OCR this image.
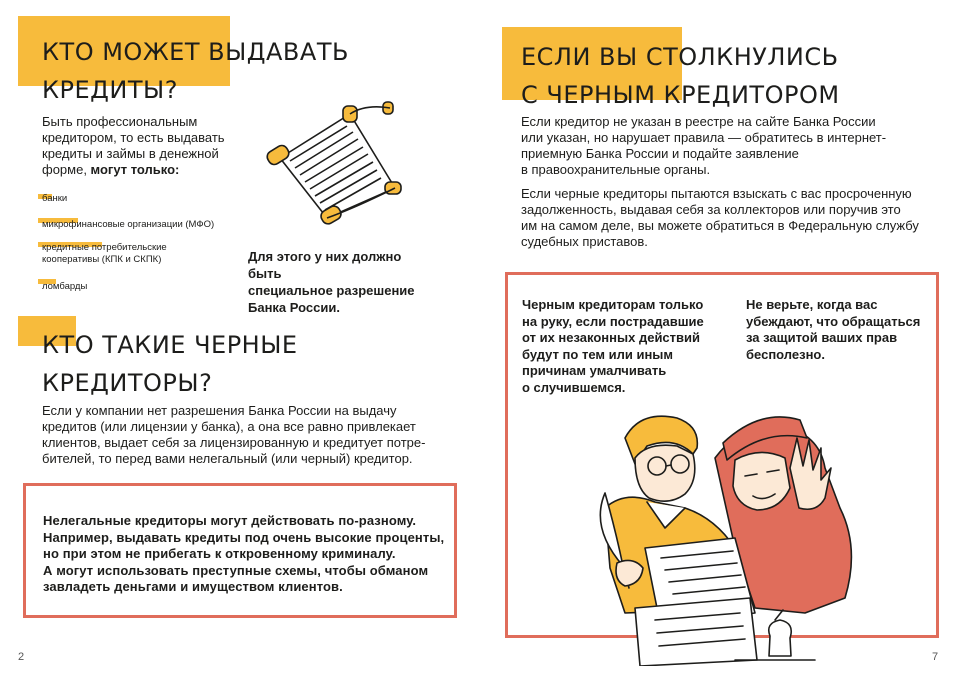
КТО МОЖЕТ ВЫДАВАТЬ
КРЕДИТЫ?

Быть профессиональным
кредитором, то есть выдавать
кредиты и займы в денежной
форме, могут только:

банки
микрофинансовые организации (МФО)
кредитные потребительские
кооперативы (КПК и СКПК)
ломбарды

Для этого у них должно быть
специальное разрешение
Банка России.

КТО ТАКИЕ ЧЕРНЫЕ
КРЕДИТОРЫ?

Если у компании нет разрешения Банка России на выдачу
кредитов (или лицензии у банка), а она все равно привлекает
клиентов, выдает себя за лицензированную и кредитует потре-
бителей, то перед вами нелегальный (или черный) кредитор.

Нелегальные кредиторы могут действовать по-разному.
Например, выдавать кредиты под очень высокие проценты,
но при этом не прибегать к откровенному криминалу.
А могут использовать преступные схемы, чтобы обманом
завладеть деньгами и имуществом клиентов.

2
ЕСЛИ ВЫ СТОЛКНУЛИСЬ
С ЧЕРНЫМ КРЕДИТОРОМ

Если кредитор не указан в реестре на сайте Банка России
или указан, но нарушает правила — обратитесь в интернет-
приемную Банка России и подайте заявление
в правоохранительные органы.

Если черные кредиторы пытаются взыскать с вас просроченную
задолженность, выдавая себя за коллекторов или поручив это
им на самом деле, вы можете обратиться в Федеральную службу
судебных приставов.

Черным кредиторам только
на руку, если пострадавшие
от их незаконных действий
будут по тем или иным
причинам умалчивать
о случившемся.

Не верьте, когда вас
убеждают, что обращаться
за защитой ваших прав
бесполезно.

7
